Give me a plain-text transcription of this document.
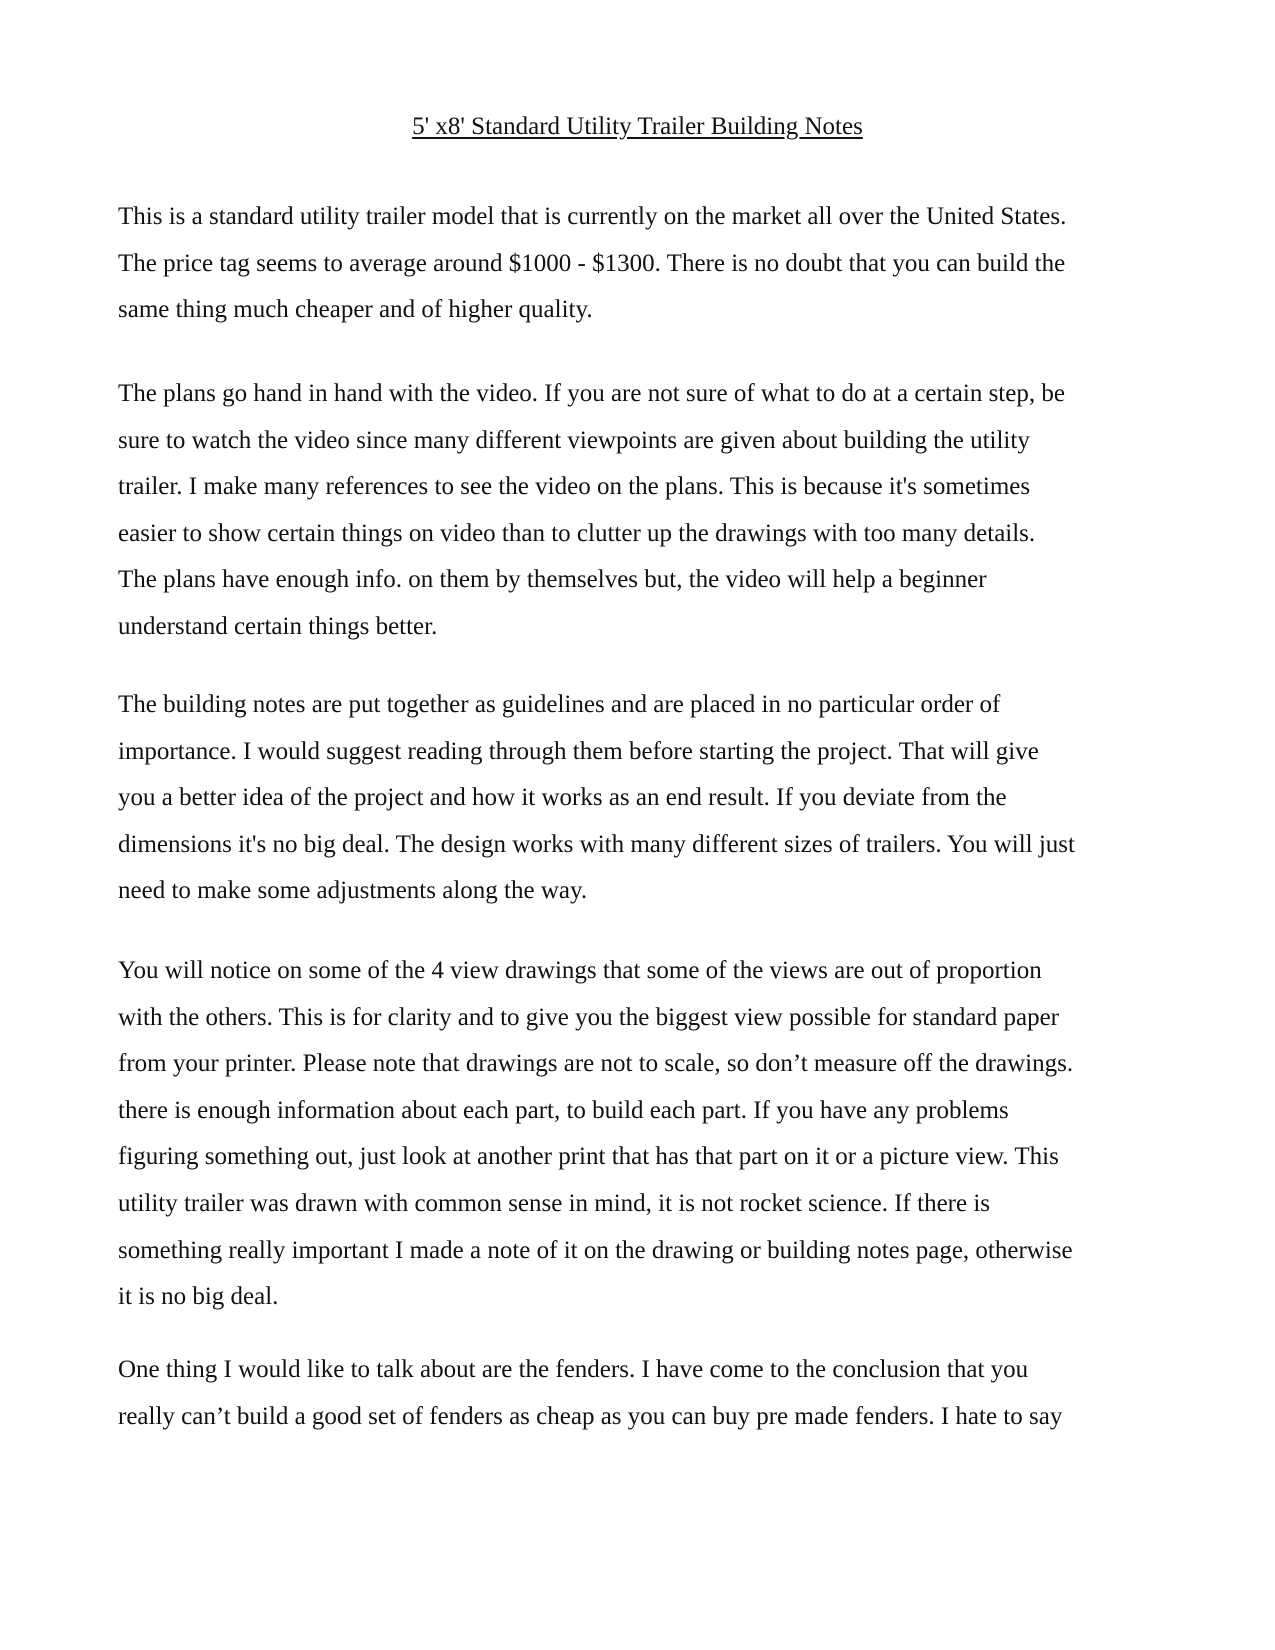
5' x8' Standard Utility Trailer Building Notes
This is a standard utility trailer model that is currently on the market all over the United States.
The price tag seems to average around $1000 - $1300. There is no doubt that you can build the
same thing much cheaper and of higher quality.
The plans go hand in hand with the video. If you are not sure of what to do at a certain step, be
sure to watch the video since many different viewpoints are given about building the utility
trailer. I make many references to see the video on the plans. This is because it's sometimes
easier to show certain things on video than to clutter up the drawings with too many details.
The plans have enough info. on them by themselves but, the video will help a beginner
understand certain things better.
The building notes are put together as guidelines and are placed in no particular order of
importance. I would suggest reading through them before starting the project. That will give
you a better idea of the project and how it works as an end result. If you deviate from the
dimensions it's no big deal. The design works with many different sizes of trailers. You will just
need to make some adjustments along the way.
You will notice on some of the 4 view drawings that some of the views are out of proportion
with the others. This is for clarity and to give you the biggest view possible for standard paper
from your printer. Please note that drawings are not to scale, so don’t measure off the drawings.
there is enough information about each part, to build each part. If you have any problems
figuring something out, just look at another print that has that part on it or a picture view. This
utility trailer was drawn with common sense in mind, it is not rocket science. If there is
something really important I made a note of it on the drawing or building notes page, otherwise
it is no big deal.
One thing I would like to talk about are the fenders. I have come to the conclusion that you
really can’t build a good set of fenders as cheap as you can buy pre made fenders. I hate to say
